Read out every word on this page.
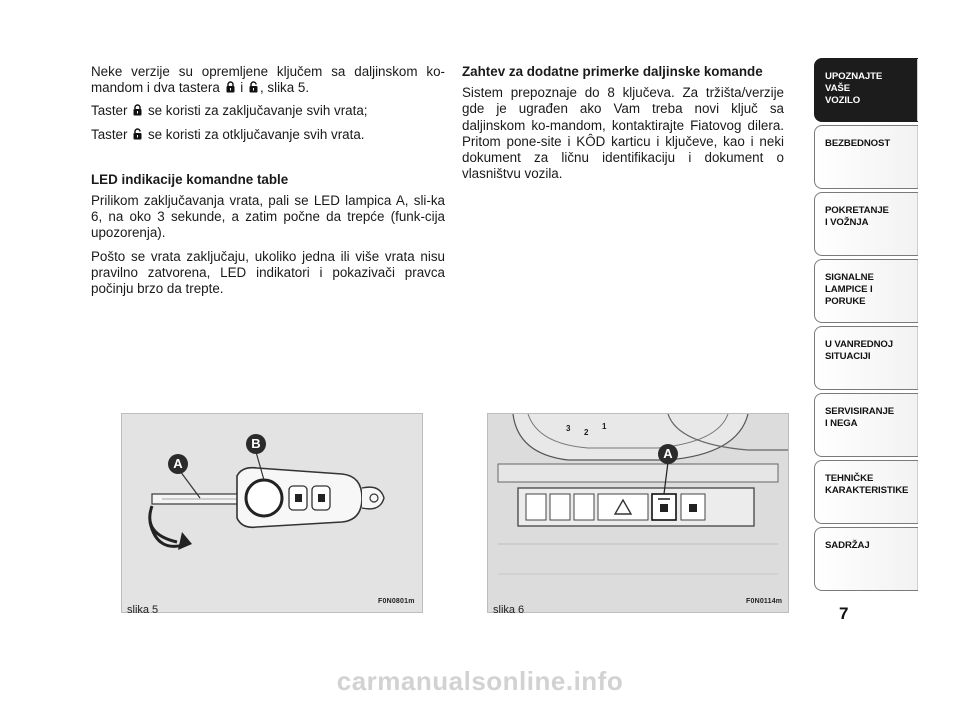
Neke verzije su opremljene ključem sa daljinskom ko-mandom i dva tastera i , slika 5.

Taster se koristi za zaključavanje svih vrata;

Taster se koristi za otključavanje svih vrata.

LED indikacije komandne table

Prilikom zaključavanja vrata, pali se LED lampica A, sli-ka 6, na oko 3 sekunde, a zatim počne da trepće (funk-cija upozorenja).

Pošto se vrata zaključaju, ukoliko jedna ili više vrata nisu pravilno zatvorena, LED indikatori i pokazivači pravca počinju brzo da trepte.

Zahtev za dodatne primerke daljinske komande

Sistem prepoznaje do 8 ključeva. Za tržišta/verzije gde je ugrađen ako Vam treba novi ključ sa daljinskom ko-mandom, kontaktirajte Fiatovog dilera. Pritom pone-site i KÔD karticu i ključeve, kao i neki dokument za ličnu identifikaciju i dokument o vlasništvu vozila.

A
B
slika 5
F0N0801m
3 2
1
A
slika 6
F0N0114m
UPOZNAJTE
VAŠE
VOZILO
BEZBEDNOST
POKRETANJE
I VOŽNJA
SIGNALNE
LAMPICE I PORUKE
U VANREDNOJ
SITUACIJI
SERVISIRANJE
I NEGA
TEHNIČKE
KARAKTERISTIKE
SADRŽAJ
7
carmanualsonline.info
